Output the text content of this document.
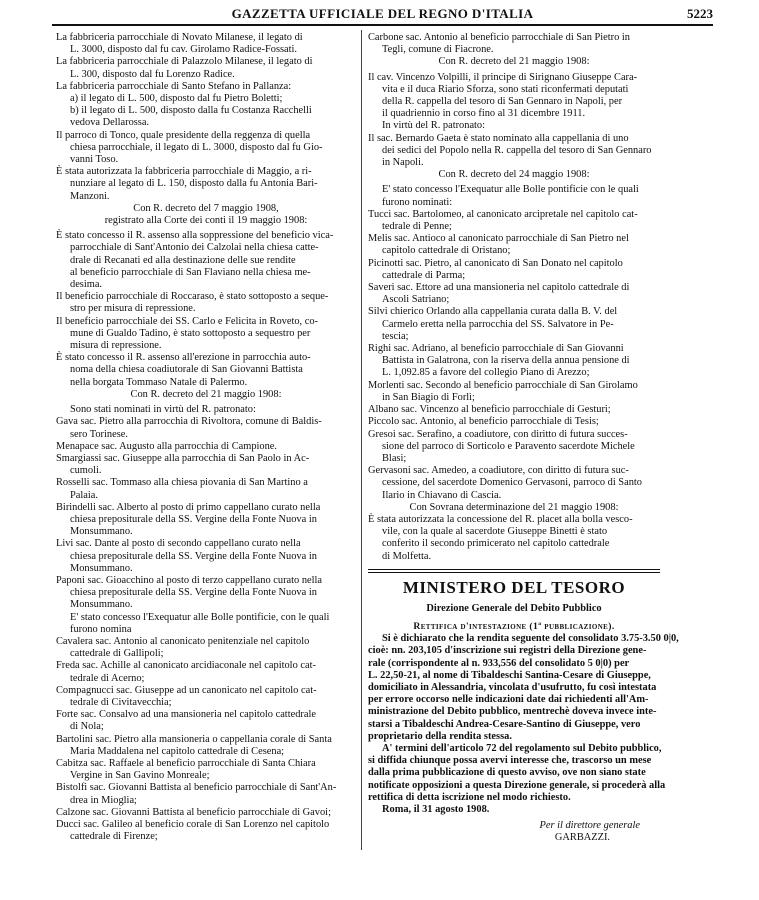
GAZZETTA UFFICIALE DEL REGNO D'ITALIA	5223
La fabbriceria parrocchiale di Novato Milanese, il legato di
L. 3000, disposto dal fu cav. Girolamo Radice-Fossati.
La fabbriceria parrocchiale di Palazzolo Milanese, il legato di
L. 300, disposto dal fu Lorenzo Radice.
La fabbriceria parrocchiale di Santo Stefano in Pallanza:
a) il legato di L. 500, disposto dal fu Pietro Boletti;
b) il legato di L. 500, disposto dalla fu Costanza Racchelli
vedova Dellarossa.
Il parroco di Tonco, quale presidente della reggenza di quella
chiesa parrocchiale, il legato di L. 3000, disposto dal fu Gio-
vanni Toso.
È stata autorizzata la fabbriceria parrocchiale di Maggio, a ri-
nunziare al legato di L. 150, disposto dalla fu Antonia Bari-
Manzoni.
Con R. decreto del 7 maggio 1908,
registrato alla Corte dei conti il 19 maggio 1908:
È stato concesso il R. assenso alla soppressione del beneficio vica-
parrocchiale di Sant'Antonio dei Calzolai nella chiesa catte-
drale di Recanati ed alla destinazione delle sue rendite
al beneficio parrocchiale di San Flaviano nella chiesa me-
desima.
Il beneficio parrocchiale di Roccaraso, è stato sottoposto a seque-
stro per misura di repressione.
Il beneficio parrocchiale dei SS. Carlo e Felicita in Roveto, co-
mune di Gualdo Tadino, è stato sottoposto a sequestro per
misura di repressione.
È stato concesso il R. assenso all'erezione in parrocchia auto-
noma della chiesa coadiutorale di San Giovanni Battista
nella borgata Tommaso Natale di Palermo.
Con R. decreto del 21 maggio 1908:
Sono stati nominati in virtù del R. patronato:
Gava sac. Pietro alla parrocchia di Rivoltora, comune di Baldis-
sero Torinese.
Menapace sac. Augusto alla parrocchia di Campione.
Smargiassi sac. Giuseppe alla parrocchia di San Paolo in Ac-
cumoli.
Rosselli sac. Tommaso alla chiesa piovania di San Martino a
Palaia.
Birindelli sac. Alberto al posto di primo cappellano curato nella
chiesa prepositurale della SS. Vergine della Fonte Nuova in
Monsummano.
Livi sac. Dante al posto di secondo cappellano curato nella
chiesa prepositurale della SS. Vergine della Fonte Nuova in
Monsummano.
Paponi sac. Gioacchino al posto di terzo cappellano curato nella
chiesa prepositurale della SS. Vergine della Fonte Nuova in
Monsummano.
E' stato concesso l'Exequatur alle Bolle pontificie, con le quali
furono nomina
Cavalera sac. Antonio al canonicato penitenziale nel capitolo
cattedrale di Gallipoli;
Freda sac. Achille al canonicato arcidiaconale nel capitolo cat-
tedrale di Acerno;
Compagnucci sac. Giuseppe ad un canonicato nel capitolo cat-
tedrale di Civitavecchia;
Forte sac. Consalvo ad una mansioneria nel capitolo cattedrale
di Nola;
Bartolini sac. Pietro alla mansioneria o cappellania corale di Santa
Maria Maddalena nel capitolo cattedrale di Cesena;
Cabitza sac. Raffaele al beneficio parrocchiale di Santa Chiara
Vergine in San Gavino Monreale;
Bistolfi sac. Giovanni Battista al beneficio parrocchiale di Sant'An-
drea in Mioglia;
Calzone sac. Giovanni Battista al beneficio parrocchiale di Gavoi;
Ducci sac. Galileo al beneficio corale di San Lorenzo nel capitolo
cattedrale di Firenze;
Carbone sac. Antonio al beneficio parrocchiale di San Pietro in
Tegli, comune di Fiacrone.
Con R. decreto del 21 maggio 1908:
Il cav. Vincenzo Volpilli, il principe di Sirignano Giuseppe Cara-
vita e il duca Riario Sforza, sono stati riconfermati deputati
della R. cappella del tesoro di San Gennaro in Napoli, per
il quadriennio in corso fino al 31 dicembre 1911.
In virtù del R. patronato:
Il sac. Bernardo Gaeta è stato nominato alla cappellania di uno
dei sedici del Popolo nella R. cappella del tesoro di San Gennaro
in Napoli.
Con R. decreto del 24 maggio 1908:
E' stato concesso l'Exequatur alle Bolle pontificie con le quali
furono nominati:
Tucci sac. Bartolomeo, al canonicato arcipretale nel capitolo cat-
tedrale di Penne;
Melis sac. Antioco al canonicato parrocchiale di San Pietro nel
capitolo cattedrale di Oristano;
Picinotti sac. Pietro, al canonicato di San Donato nel capitolo
cattedrale di Parma;
Saveri sac. Ettore ad una mansioneria nel capitolo cattedrale di
Ascoli Satriano;
Silvi chierico Orlando alla cappellania curata dalla B. V. del
Carmelo eretta nella parrocchia del SS. Salvatore in Pe-
tescia;
Righi sac. Adriano, al beneficio parrocchiale di San Giovanni
Battista in Galatrona, con la riserva della annua pensione di
L. 1,092.85 a favore del collegio Piano di Arezzo;
Morlenti sac. Secondo al beneficio parrocchiale di San Girolamo
in San Biagio di Forlì;
Albano sac. Vincenzo al beneficio parrocchiale di Gesturi;
Piccolo sac. Antonio, al beneficio parrocchiale di Tesis;
Gresoi sac. Serafino, a coadiutore, con diritto di futura succes-
sione del parroco di Sorticolo e Paravento sacerdote Michele
Blasi;
Gervasoni sac. Amedeo, a coadiutore, con diritto di futura suc-
cessione, del sacerdote Domenico Gervasoni, parroco di Santo
Ilario in Chiavano di Cascia.
Con Sovrana determinazione del 21 maggio 1908:
È stata autorizzata la concessione del R. placet alla bolla vesco-
vile, con la quale al sacerdote Giuseppe Binetti è stato
conferito il secondo primicerato nel capitolo cattedrale
di Molfetta.
MINISTERO DEL TESORO
Direzione Generale del Debito Pubblico
Rettifica d'intestazione (1ª pubblicazione).
Si è dichiarato che la rendita seguente del consolidato 3.75-3.50 0|0,
cioè: nn. 203,105 d'inscrizione sui registri della Direzione gene-
rale (corrispondente al n. 933,556 del consolidato 5 0|0) per
L. 22,50-21, al nome di Tibaldeschi Santina-Cesare di Giuseppe,
domiciliato in Alessandria, vincolata d'usufrutto, fu così intestata
per errore occorso nelle indicazioni date dai richiedenti all'Am-
ministrazione del Debito pubblico, mentrechè doveva invece inte-
starsi a Tibaldeschi Andrea-Cesare-Santino di Giuseppe, vero
proprietario della rendita stessa.
A' termini dell'articolo 72 del regolamento sul Debito pubblico,
si diffida chiunque possa avervi interesse che, trascorso un mese
dalla prima pubblicazione di questo avviso, ove non siano state
notificate opposizioni a questa Direzione generale, si procederà alla
rettifica di detta iscrizione nel modo richiesto.
Roma, il 31 agosto 1908.
Per il direttore generale
GARBAZZI.
